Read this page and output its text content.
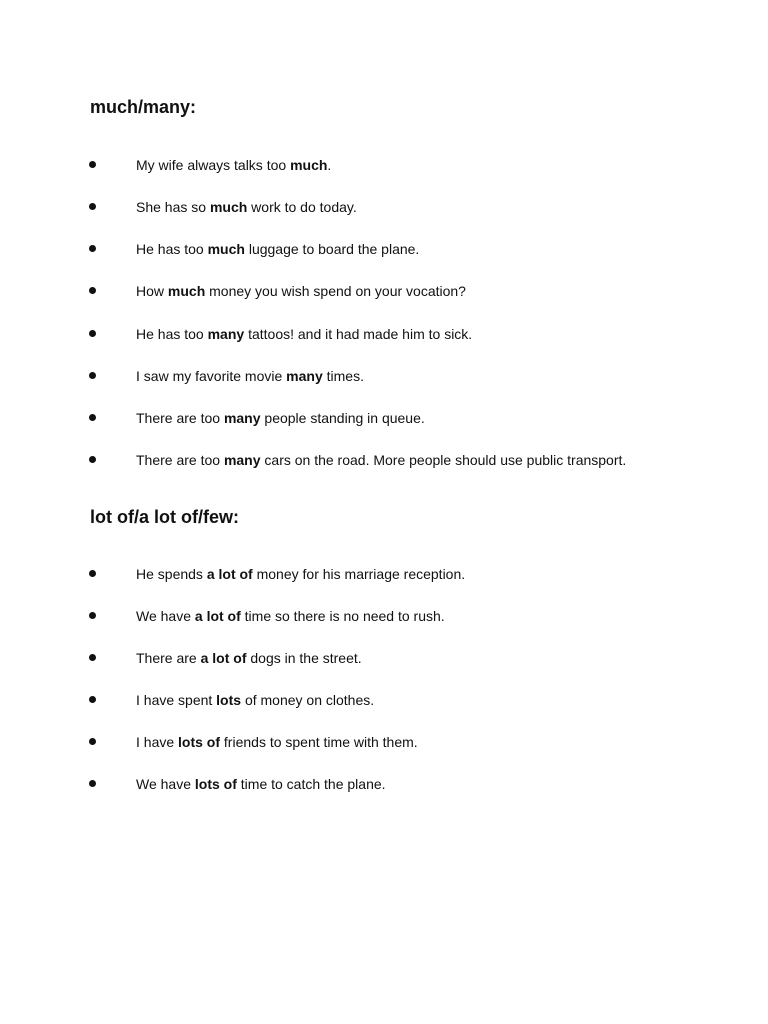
much/many:
My wife always talks too much.
She has so much work to do today.
He has too much luggage to board the plane.
How much money you wish spend on your vocation?
He has too many tattoos! and it had made him to sick.
I saw my favorite movie many times.
There are too many people standing in queue.
There are too many cars on the road. More people should use public transport.
lot of/a lot of/few:
He spends a lot of money for his marriage reception.
We have a lot of time so there is no need to rush.
There are a lot of dogs in the street.
I have spent lots of money on clothes.
I have lots of friends to spent time with them.
We have lots of time to catch the plane.
